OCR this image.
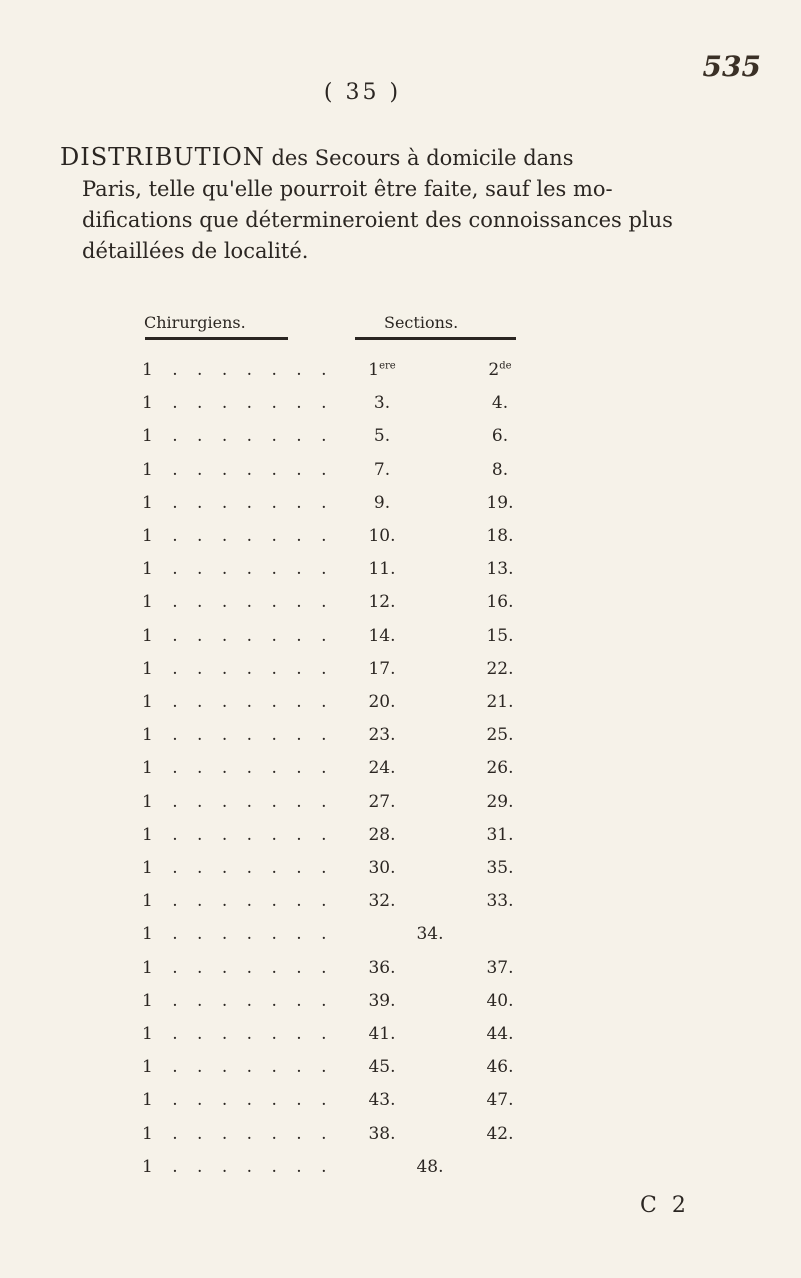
535
( 35 )

DISTRIBUTION des Secours à domicile dans

Paris, telle qu'elle pourroit être faite, sauf les mo-

difications que détermineroient des connoissances plus

détaillées de localité.

Chirurgiens.	Sections.
1 . . . . . . .	1ere	2de
1 . . . . . . .	3.	4.
1 . . . . . . .	5.	6.
1 . . . . . . .	7.	8.
1 . . . . . . .	9.	19.
1 . . . . . . .	10.	18.
1 . . . . . . .	11.	13.
1 . . . . . . .	12.	16.
1 . . . . . . .	14.	15.
1 . . . . . . .	17.	22.
1 . . . . . . .	20.	21.
1 . . . . . . .	23.	25.
1 . . . . . . .	24.	26.
1 . . . . . . .	27.	29.
1 . . . . . . .	28.	31.
1 . . . . . . .	30.	35.
1 . . . . . . .	32.	33.
1 . . . . . . .	34.
1 . . . . . . .	36.	37.
1 . . . . . . .	39.	40.
1 . . . . . . .	41.	44.
1 . . . . . . .	45.	46.
1 . . . . . . .	43.	47.
1 . . . . . . .	38.	42.
1 . . . . . . .	48.
C 2
